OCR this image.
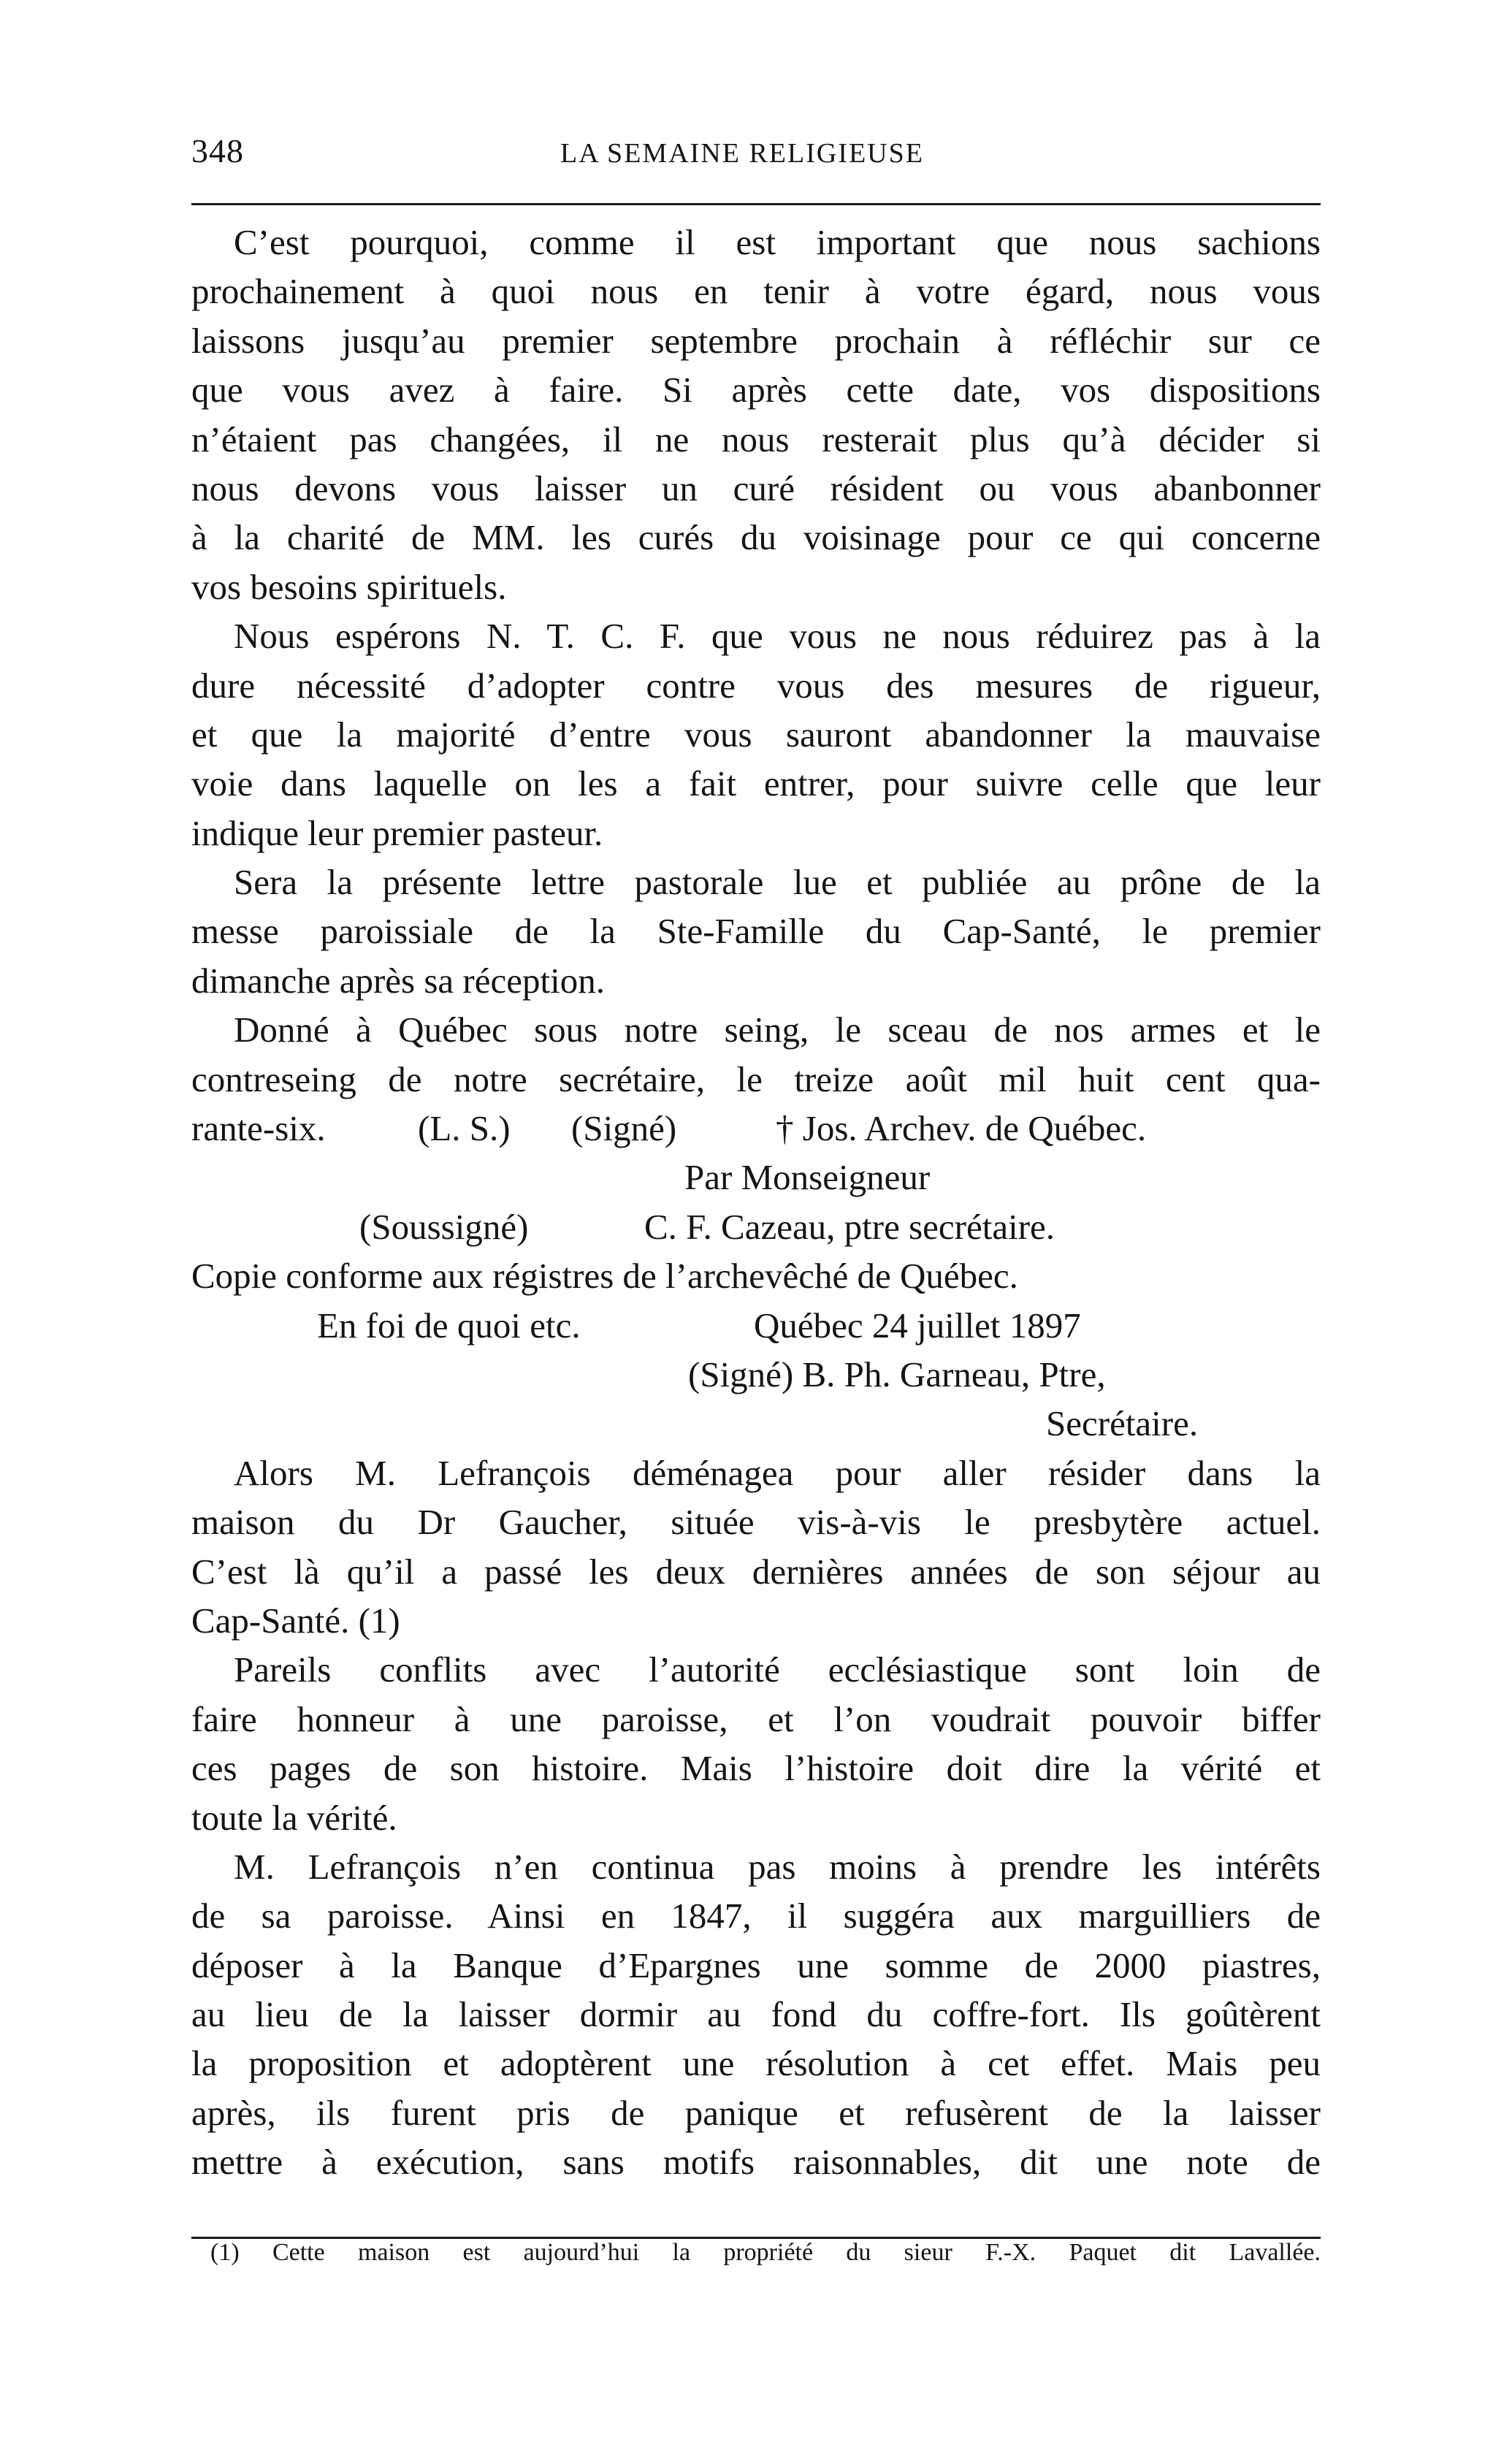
348	LA SEMAINE RELIGIEUSE
C’est pourquoi, comme il est important que nous sachions
prochainement à quoi nous en tenir à votre égard, nous vous
laissons jusqu’au premier septembre prochain à réfléchir sur ce
que vous avez à faire. Si après cette date, vos dispositions
n’étaient pas changées, il ne nous resterait plus qu’à décider si
nous devons vous laisser un curé résident ou vous abanbonner
à la charité de MM. les curés du voisinage pour ce qui concerne
vos besoins spirituels.
Nous espérons N. T. C. F. que vous ne nous réduirez pas à la
dure nécessité d’adopter contre vous des mesures de rigueur,
et que la majorité d’entre vous sauront abandonner la mauvaise
voie dans laquelle on les a fait entrer, pour suivre celle que leur
indique leur premier pasteur.
Sera la présente lettre pastorale lue et publiée au prône de la
messe paroissiale de la Ste-Famille du Cap-Santé, le premier
dimanche après sa réception.
Donné à Québec sous notre seing, le sceau de nos armes et le
contreseing de notre secrétaire, le treize août mil huit cent qua-
rante-six.	(L. S.) (Signé)	† Jos. Archev. de Québec.
Par Monseigneur
(Soussigné)	C. F. Cazeau, ptre secrétaire.
Copie conforme aux régistres de l’archevêché de Québec.
En foi de quoi etc.	Québec 24 juillet 1897
(Signé) B. Ph. Garneau, Ptre,
Secrétaire.
Alors M. Lefrançois déménagea pour aller résider dans la
maison du Dr Gaucher, située vis-à-vis le presbytère actuel.
C’est là qu’il a passé les deux dernières années de son séjour au
Cap-Santé. (1)
Pareils conflits avec l’autorité ecclésiastique sont loin de
faire honneur à une paroisse, et l’on voudrait pouvoir biffer
ces pages de son histoire. Mais l’histoire doit dire la vérité et
toute la vérité.
M. Lefrançois n’en continua pas moins à prendre les intérêts
de sa paroisse. Ainsi en 1847, il suggéra aux marguilliers de
déposer à la Banque d’Epargnes une somme de 2000 piastres,
au lieu de la laisser dormir au fond du coffre-fort. Ils goûtèrent
la proposition et adoptèrent une résolution à cet effet. Mais peu
après, ils furent pris de panique et refusèrent de la laisser
mettre à exécution, sans motifs raisonnables, dit une note de
(1) Cette maison est aujourd’hui la propriété du sieur F.-X. Paquet dit Lavallée.
